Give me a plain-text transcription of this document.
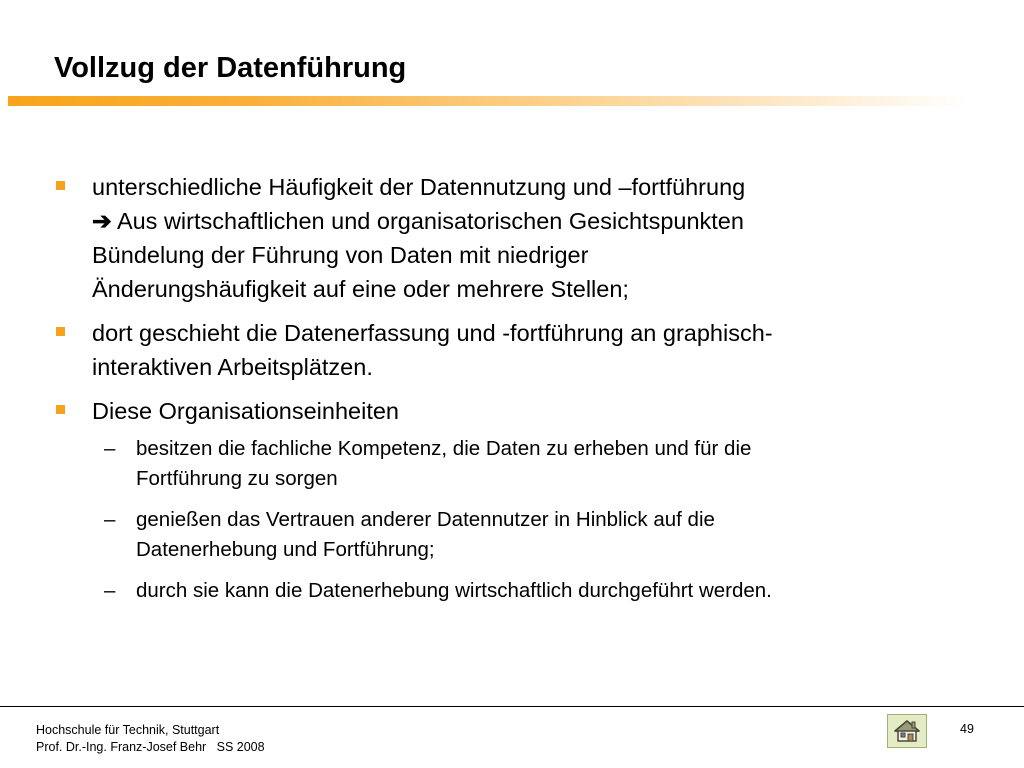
Vollzug der Datenführung
unterschiedliche Häufigkeit der Datennutzung und –fortführung
➔ Aus wirtschaftlichen und organisatorischen Gesichtspunkten
Bündelung der Führung von Daten mit niedriger
Änderungshäufigkeit auf eine oder mehrere Stellen;
dort geschieht die Datenerfassung und -fortführung an graphisch-
interaktiven Arbeitsplätzen.
Diese Organisationseinheiten
– besitzen die fachliche Kompetenz, die Daten zu erheben und für die
Fortführung zu sorgen
– genießen das Vertrauen anderer Datennutzer in Hinblick auf die
Datenerhebung und Fortführung;
– durch sie kann die Datenerhebung wirtschaftlich durchgeführt werden.
Hochschule für Technik, Stuttgart
Prof. Dr.-Ing. Franz-Josef Behr   SS 2008
49
